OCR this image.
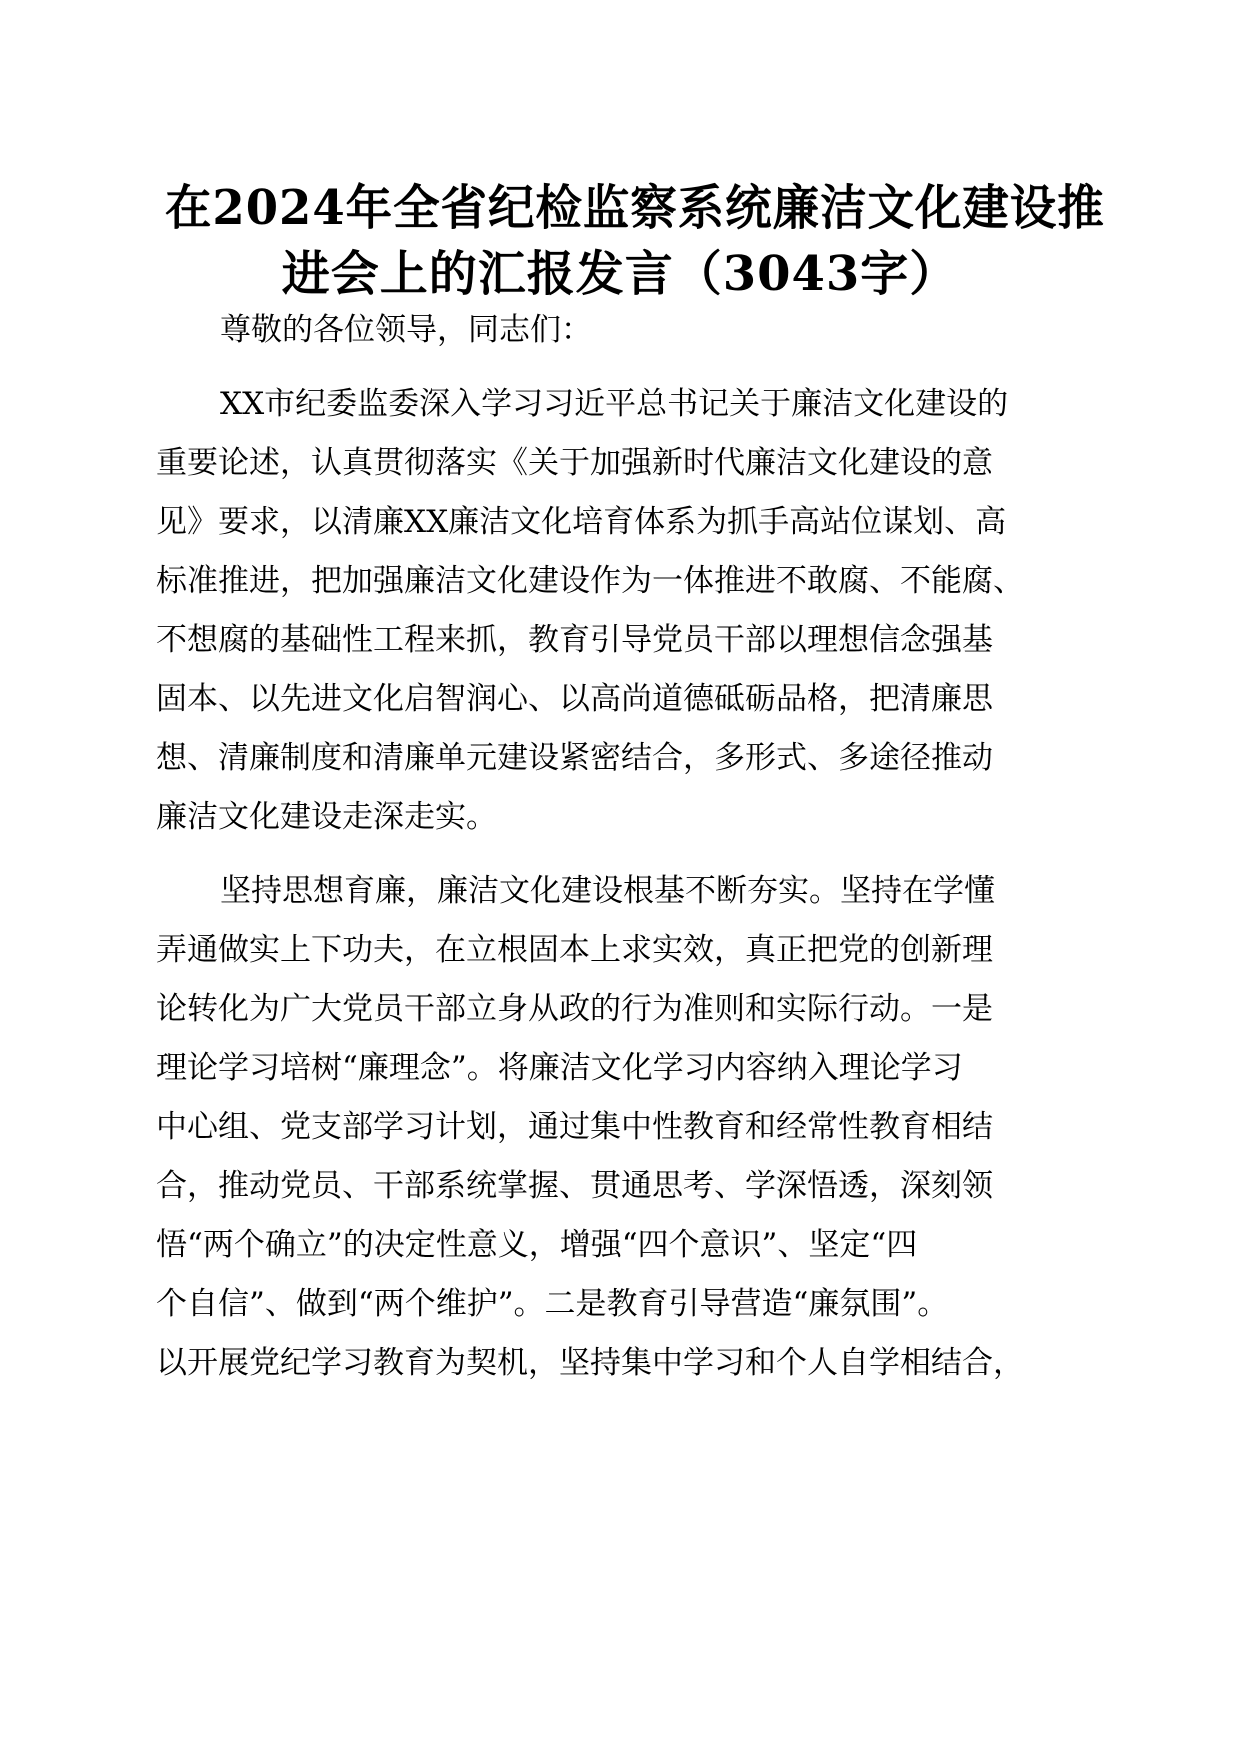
在2024年全省纪检监察系统廉洁文化建设推
进会上的汇报发言（3043字）

尊敬的各位领导，同志们：

XX市纪委监委深入学习习近平总书记关于廉洁文化建设的

重要论述，认真贯彻落实《关于加强新时代廉洁文化建设的意

见》要求，以清廉XX廉洁文化培育体系为抓手高站位谋划、高

标准推进，把加强廉洁文化建设作为一体推进不敢腐、不能腐、

不想腐的基础性工程来抓，教育引导党员干部以理想信念强基

固本、以先进文化启智润心、以高尚道德砥砺品格，把清廉思

想、清廉制度和清廉单元建设紧密结合，多形式、多途径推动

廉洁文化建设走深走实。

坚持思想育廉，廉洁文化建设根基不断夯实。坚持在学懂

弄通做实上下功夫，在立根固本上求实效，真正把党的创新理

论转化为广大党员干部立身从政的行为准则和实际行动。一是

理论学习培树“廉理念”。将廉洁文化学习内容纳入理论学习

中心组、党支部学习计划，通过集中性教育和经常性教育相结

合，推动党员、干部系统掌握、贯通思考、学深悟透，深刻领

悟“两个确立”的决定性意义，增强“四个意识”、坚定“四

个自信”、做到“两个维护”。二是教育引导营造“廉氛围”。

以开展党纪学习教育为契机，坚持集中学习和个人自学相结合，
